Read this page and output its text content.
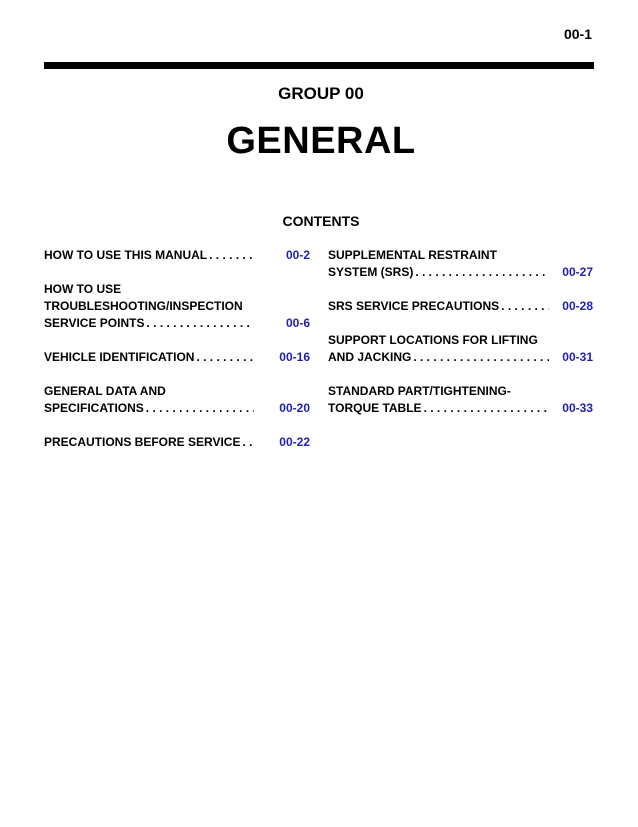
00-1
GROUP 00
GENERAL
CONTENTS
HOW TO USE THIS MANUAL . . .	00-2
HOW TO USE
TROUBLESHOOTING/INSPECTION
SERVICE POINTS . . .	00-6
VEHICLE IDENTIFICATION . . .	00-16
GENERAL DATA AND
SPECIFICATIONS . . .	00-20
PRECAUTIONS BEFORE SERVICE . . .	00-22
SUPPLEMENTAL RESTRAINT
SYSTEM (SRS) . . .	00-27
SRS SERVICE PRECAUTIONS . . .	00-28
SUPPORT LOCATIONS FOR LIFTING
AND JACKING . . .	00-31
STANDARD PART/TIGHTENING-
TORQUE TABLE . . .	00-33
